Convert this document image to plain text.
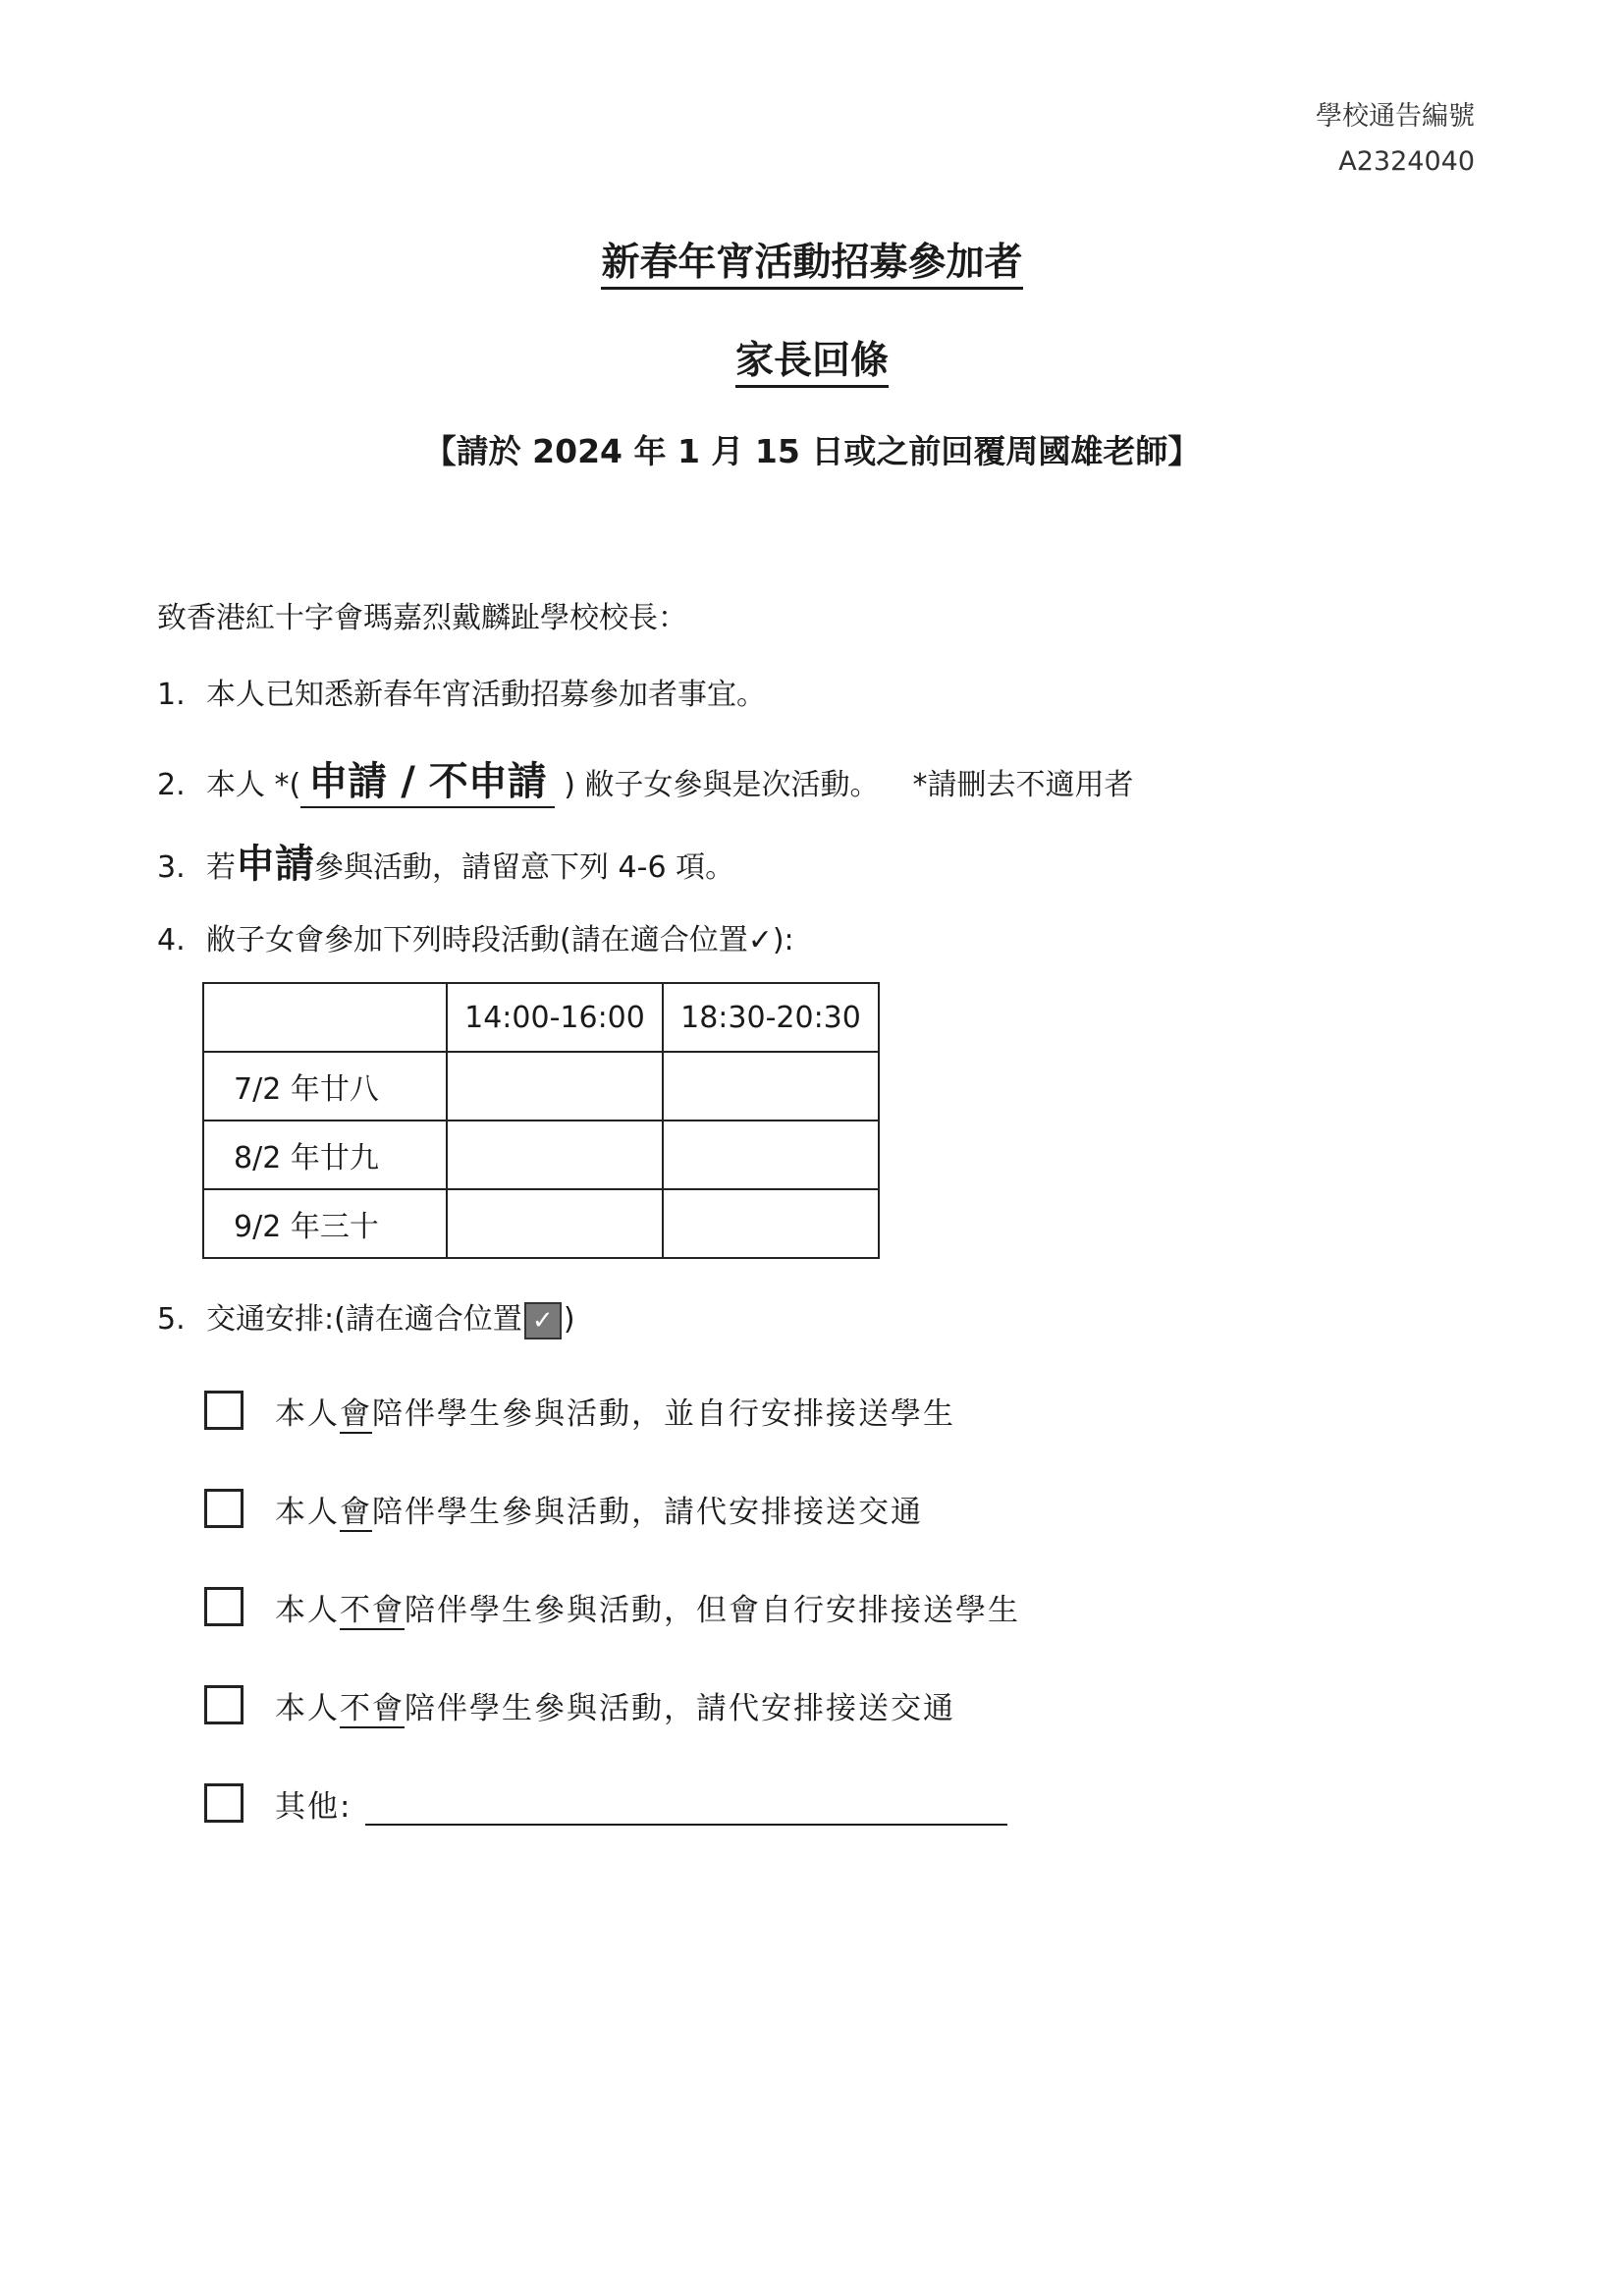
學校通告編號
A2324040
新春年宵活動招募參加者
家長回條
【請於 2024 年 1 月 15 日或之前回覆周國雄老師】
致香港紅十字會瑪嘉烈戴麟趾學校校長：
1. 本人已知悉新春年宵活動招募參加者事宜。
2. 本人 *( 申請 / 不申請 ) 敝子女參與是次活動。 *請刪去不適用者
3. 若申請參與活動，請留意下列 4-6 項。
4. 敝子女會參加下列時段活動(請在適合位置✓):
	14:00-16:00	18:30-20:30
7/2 年廿八		
8/2 年廿九		
9/2 年三十		
5. 交通安排:(請在適合位置 ✓ )
本人會陪伴學生參與活動，並自行安排接送學生
本人會陪伴學生參與活動，請代安排接送交通
本人不會陪伴學生參與活動，但會自行安排接送學生
本人不會陪伴學生參與活動，請代安排接送交通
其他:
